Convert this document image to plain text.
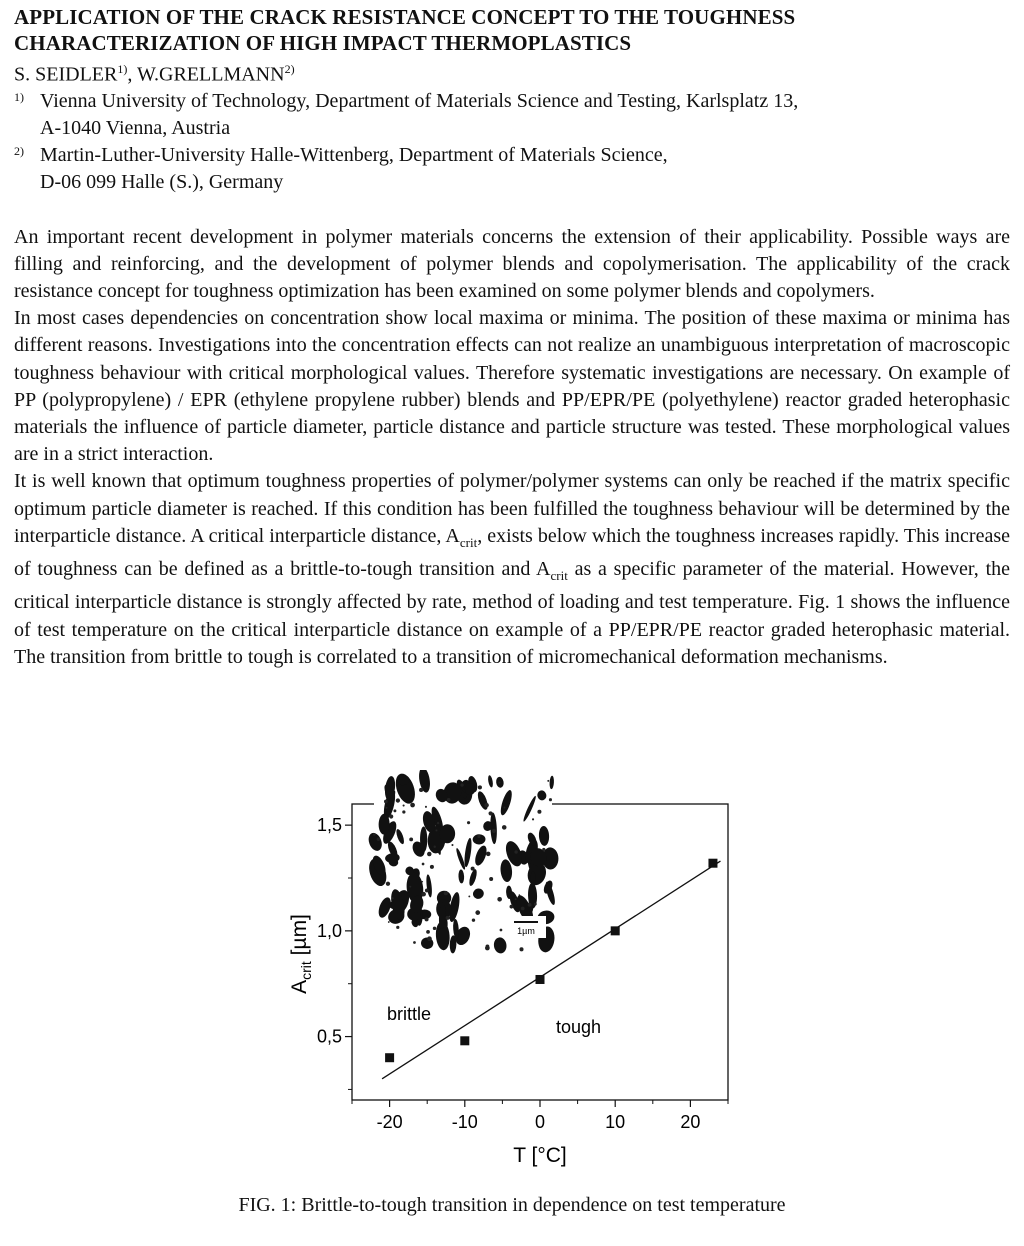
APPLICATION OF THE CRACK RESISTANCE CONCEPT TO THE TOUGHNESS
CHARACTERIZATION OF HIGH IMPACT THERMOPLASTICS

S. SEIDLER$^{1)}$, W.GRELLMANN$^{2)}$

1) Vienna University of Technology, Department of Materials Science and Testing, Karlsplatz 13,
A-1040 Vienna, Austria
2) Martin-Luther-University Halle-Wittenberg, Department of Materials Science,
D-06 099 Halle (S.), Germany

An important recent development in polymer materials concerns the extension of their applicability. Possible ways are filling and reinforcing, and the development of polymer blends and copolymerisation. The applicability of the crack resistance concept for toughness optimization has been examined on some polymer blends and copolymers.

In most cases dependencies on concentration show local maxima or minima. The position of these maxima or minima has different reasons. Investigations into the concentration effects can not realize an unambiguous interpretation of macroscopic toughness behaviour with critical morphological values. Therefore systematic investigations are necessary. On example of PP (polypropylene) / EPR (ethylene propylene rubber) blends and PP/EPR/PE (polyethylene) reactor graded heterophasic materials the influence of particle diameter, particle distance and particle structure was tested. These morphological values are in a strict interaction.

It is well known that optimum toughness properties of polymer/polymer systems can only be reached if the matrix specific optimum particle diameter is reached. If this condition has been fulfilled the toughness behaviour will be determined by the interparticle distance. A critical interparticle distance, $A_{crit}$, exists below which the toughness increases rapidly. This increase of toughness can be defined as a brittle-to-tough transition and $A_{crit}$ as a specific parameter of the material. However, the critical interparticle distance is strongly affected by rate, method of loading and test temperature. Fig. 1 shows the influence of test temperature on the critical interparticle distance on example of a PP/EPR/PE reactor graded heterophasic material. The transition from brittle to tough is correlated to a transition of micromechanical deformation mechanisms.

1µm
-20	-10	0	10	20
0,5
1,0
1,5
brittle
tough
T [°C]
$A_{crit}$ [µm]
FIG. 1: Brittle-to-tough transition in dependence on test temperature
